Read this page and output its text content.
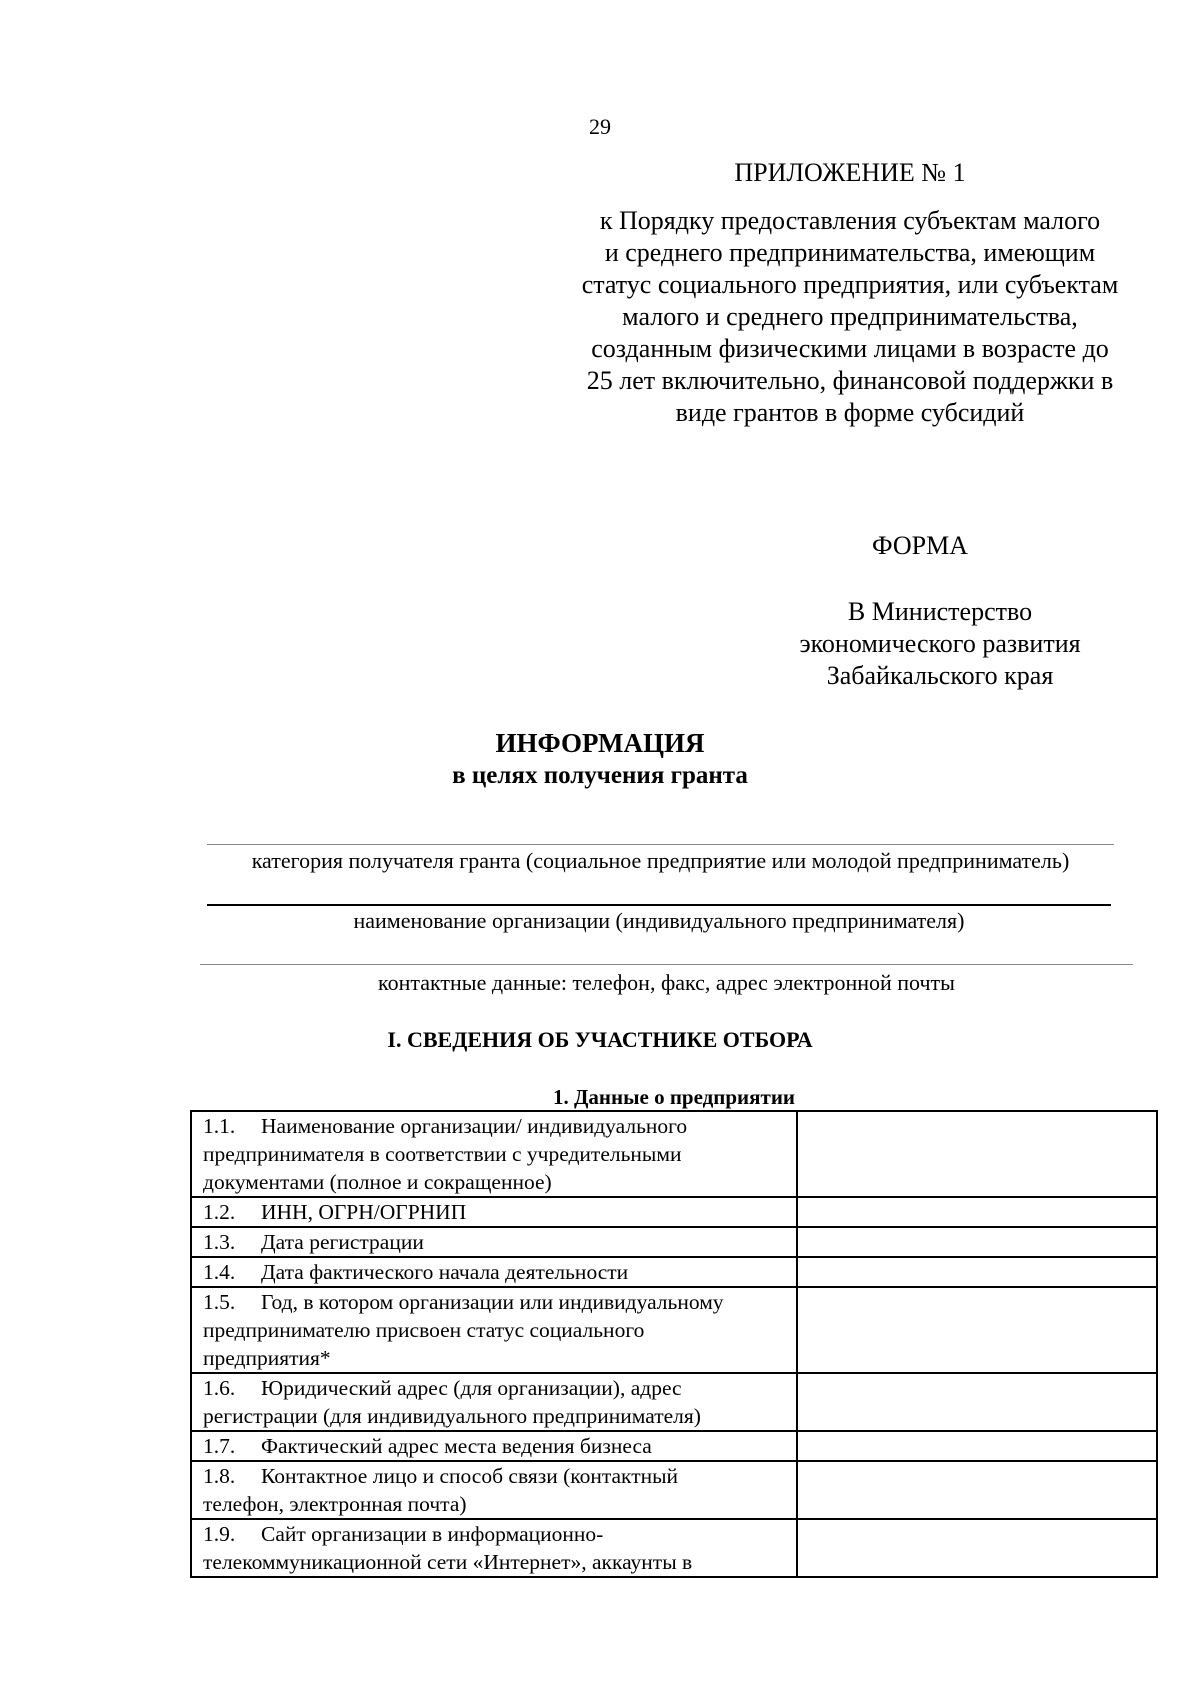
29
ПРИЛОЖЕНИЕ № 1
к Порядку предоставления субъектам малого
и среднего предпринимательства, имеющим
статус социального предприятия, или субъектам
малого и среднего предпринимательства,
созданным физическими лицами в возрасте до
25 лет включительно, финансовой поддержки в
виде грантов в форме субсидий
ФОРМА
В Министерство
экономического развития
Забайкальского края
ИНФОРМАЦИЯ
в целях получения гранта
категория получателя гранта (социальное предприятие или молодой предприниматель)
наименование организации (индивидуального предпринимателя)
контактные данные: телефон, факс, адрес электронной почты
I. СВЕДЕНИЯ ОБ УЧАСТНИКЕ ОТБОРА
1. Данные о предприятии
1.1. Наименование организации/ индивидуального
предпринимателя в соответствии с учредительными
документами (полное и сокращенное)	

1.2. ИНН, ОГРН/ОГРНИП	

1.3. Дата регистрации	

1.4. Дата фактического начала деятельности	

1.5. Год, в котором организации или индивидуальному
предпринимателю присвоен статус социального
предприятия*	

1.6. Юридический адрес (для организации), адрес
регистрации (для индивидуального предпринимателя)	

1.7. Фактический адрес места ведения бизнеса	

1.8. Контактное лицо и способ связи (контактный
телефон, электронная почта)	

1.9. Сайт организации в информационно-
телекоммуникационной сети «Интернет», аккаунты в	
